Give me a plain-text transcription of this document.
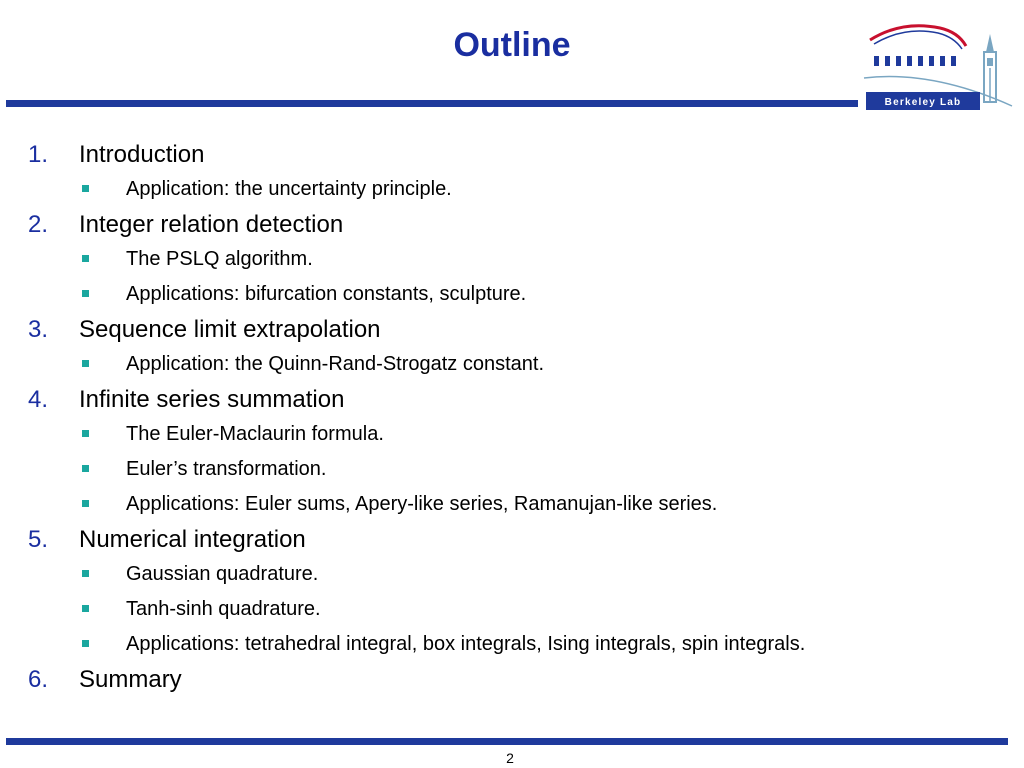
Outline
Berkeley Lab
1. Introduction
Application: the uncertainty principle.
2. Integer relation detection
The PSLQ algorithm.
Applications: bifurcation constants, sculpture.
3. Sequence limit extrapolation
Application: the Quinn-Rand-Strogatz constant.
4. Infinite series summation
The Euler-Maclaurin formula.
Euler’s transformation.
Applications: Euler sums, Apery-like series, Ramanujan-like series.
5. Numerical integration
Gaussian quadrature.
Tanh-sinh quadrature.
Applications: tetrahedral integral, box integrals, Ising integrals, spin integrals.
6. Summary
2
